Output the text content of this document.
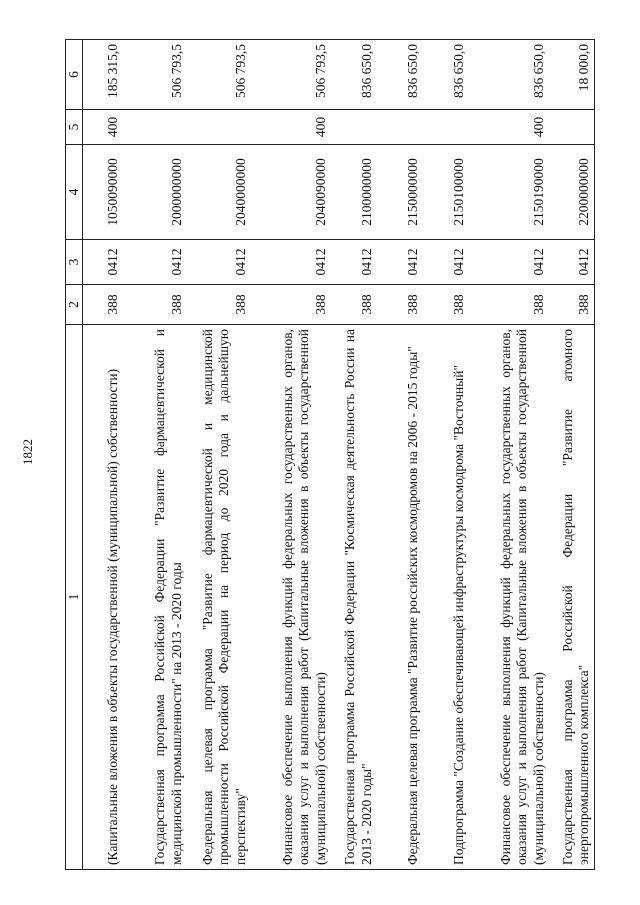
1822
1	2	3	4	5	6
(Капитальные вложения в объекты государственной (муниципальной) собственности)	388	0412	1050090000	400	185 315,0
Государственная программа Российской Федерации "Развитие фармацевтической и медицинской промышленности" на 2013 - 2020 годы	388	0412	2000000000		506 793,5
Федеральная целевая программа "Развитие фармацевтической и медицинской промышленности Российской Федерации на период до 2020 года и дальнейшую перспективу"	388	0412	2040000000		506 793,5
Финансовое обеспечение выполнения функций федеральных государственных органов, оказания услуг и выполнения работ (Капитальные вложения в объекты государственной (муниципальной) собственности)	388	0412	2040090000	400	506 793,5
Государственная программа Российской Федерации "Космическая деятельность России на 2013 - 2020 годы"	388	0412	2100000000		836 650,0
Федеральная целевая программа "Развитие российских космодромов на 2006 - 2015 годы"	388	0412	2150000000		836 650,0
Подпрограмма "Создание обеспечивающей инфраструктуры космодрома "Восточный"	388	0412	2150100000		836 650,0
Финансовое обеспечение выполнения функций федеральных государственных органов, оказания услуг и выполнения работ (Капитальные вложения в объекты государственной (муниципальной) собственности)	388	0412	2150190000	400	836 650,0
Государственная программа Российской Федерации "Развитие атомного энергопромышленного комплекса"	388	0412	2200000000		18 000,0
